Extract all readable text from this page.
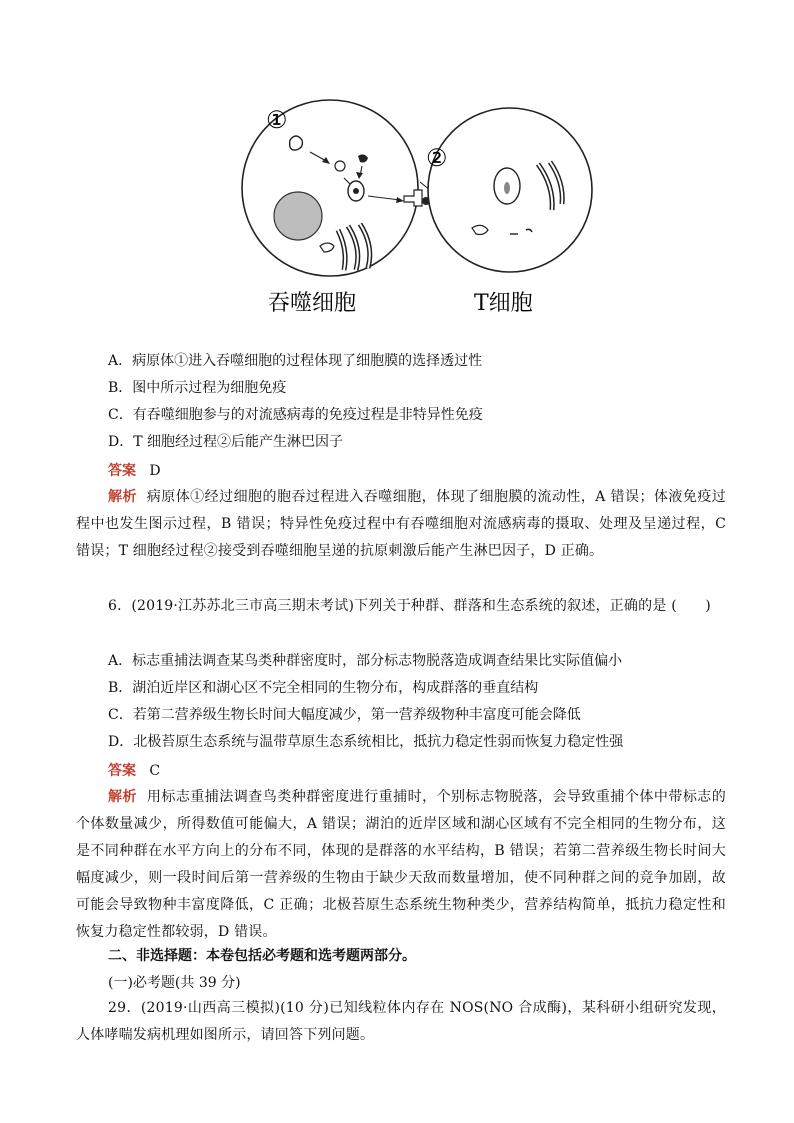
①
②
吞噬细胞	T细胞
A．病原体①进入吞噬细胞的过程体现了细胞膜的选择透过性
B．图中所示过程为细胞免疫
C．有吞噬细胞参与的对流感病毒的免疫过程是非特异性免疫
D．T 细胞经过程②后能产生淋巴因子
答案 D
解析 病原体①经过细胞的胞吞过程进入吞噬细胞，体现了细胞膜的流动性，A 错误；体液免疫过程中也发生图示过程，B 错误；特异性免疫过程中有吞噬细胞对流感病毒的摄取、处理及呈递过程，C 错误；T 细胞经过程②接受到吞噬细胞呈递的抗原刺激后能产生淋巴因子，D 正确。
6．(2019·江苏苏北三市高三期末考试)下列关于种群、群落和生态系统的叙述，正确的是 (　　)
A．标志重捕法调查某鸟类种群密度时，部分标志物脱落造成调查结果比实际值偏小
B．湖泊近岸区和湖心区不完全相同的生物分布，构成群落的垂直结构
C．若第二营养级生物长时间大幅度减少，第一营养级物种丰富度可能会降低
D．北极苔原生态系统与温带草原生态系统相比，抵抗力稳定性弱而恢复力稳定性强
答案 C
解析 用标志重捕法调查鸟类种群密度进行重捕时，个别标志物脱落，会导致重捕个体中带标志的个体数量减少，所得数值可能偏大，A 错误；湖泊的近岸区域和湖心区域有不完全相同的生物分布，这是不同种群在水平方向上的分布不同，体现的是群落的水平结构，B 错误；若第二营养级生物长时间大幅度减少，则一段时间后第一营养级的生物由于缺少天敌而数量增加，使不同种群之间的竞争加剧，故可能会导致物种丰富度降低，C 正确；北极苔原生态系统生物种类少，营养结构简单，抵抗力稳定性和恢复力稳定性都较弱，D 错误。
二、非选择题：本卷包括必考题和选考题两部分。
(一)必考题(共 39 分)
29．(2019·山西高三模拟)(10 分)已知线粒体内存在 NOS(NO 合成酶)，某科研小组研究发现，人体哮喘发病机理如图所示，请回答下列问题。
